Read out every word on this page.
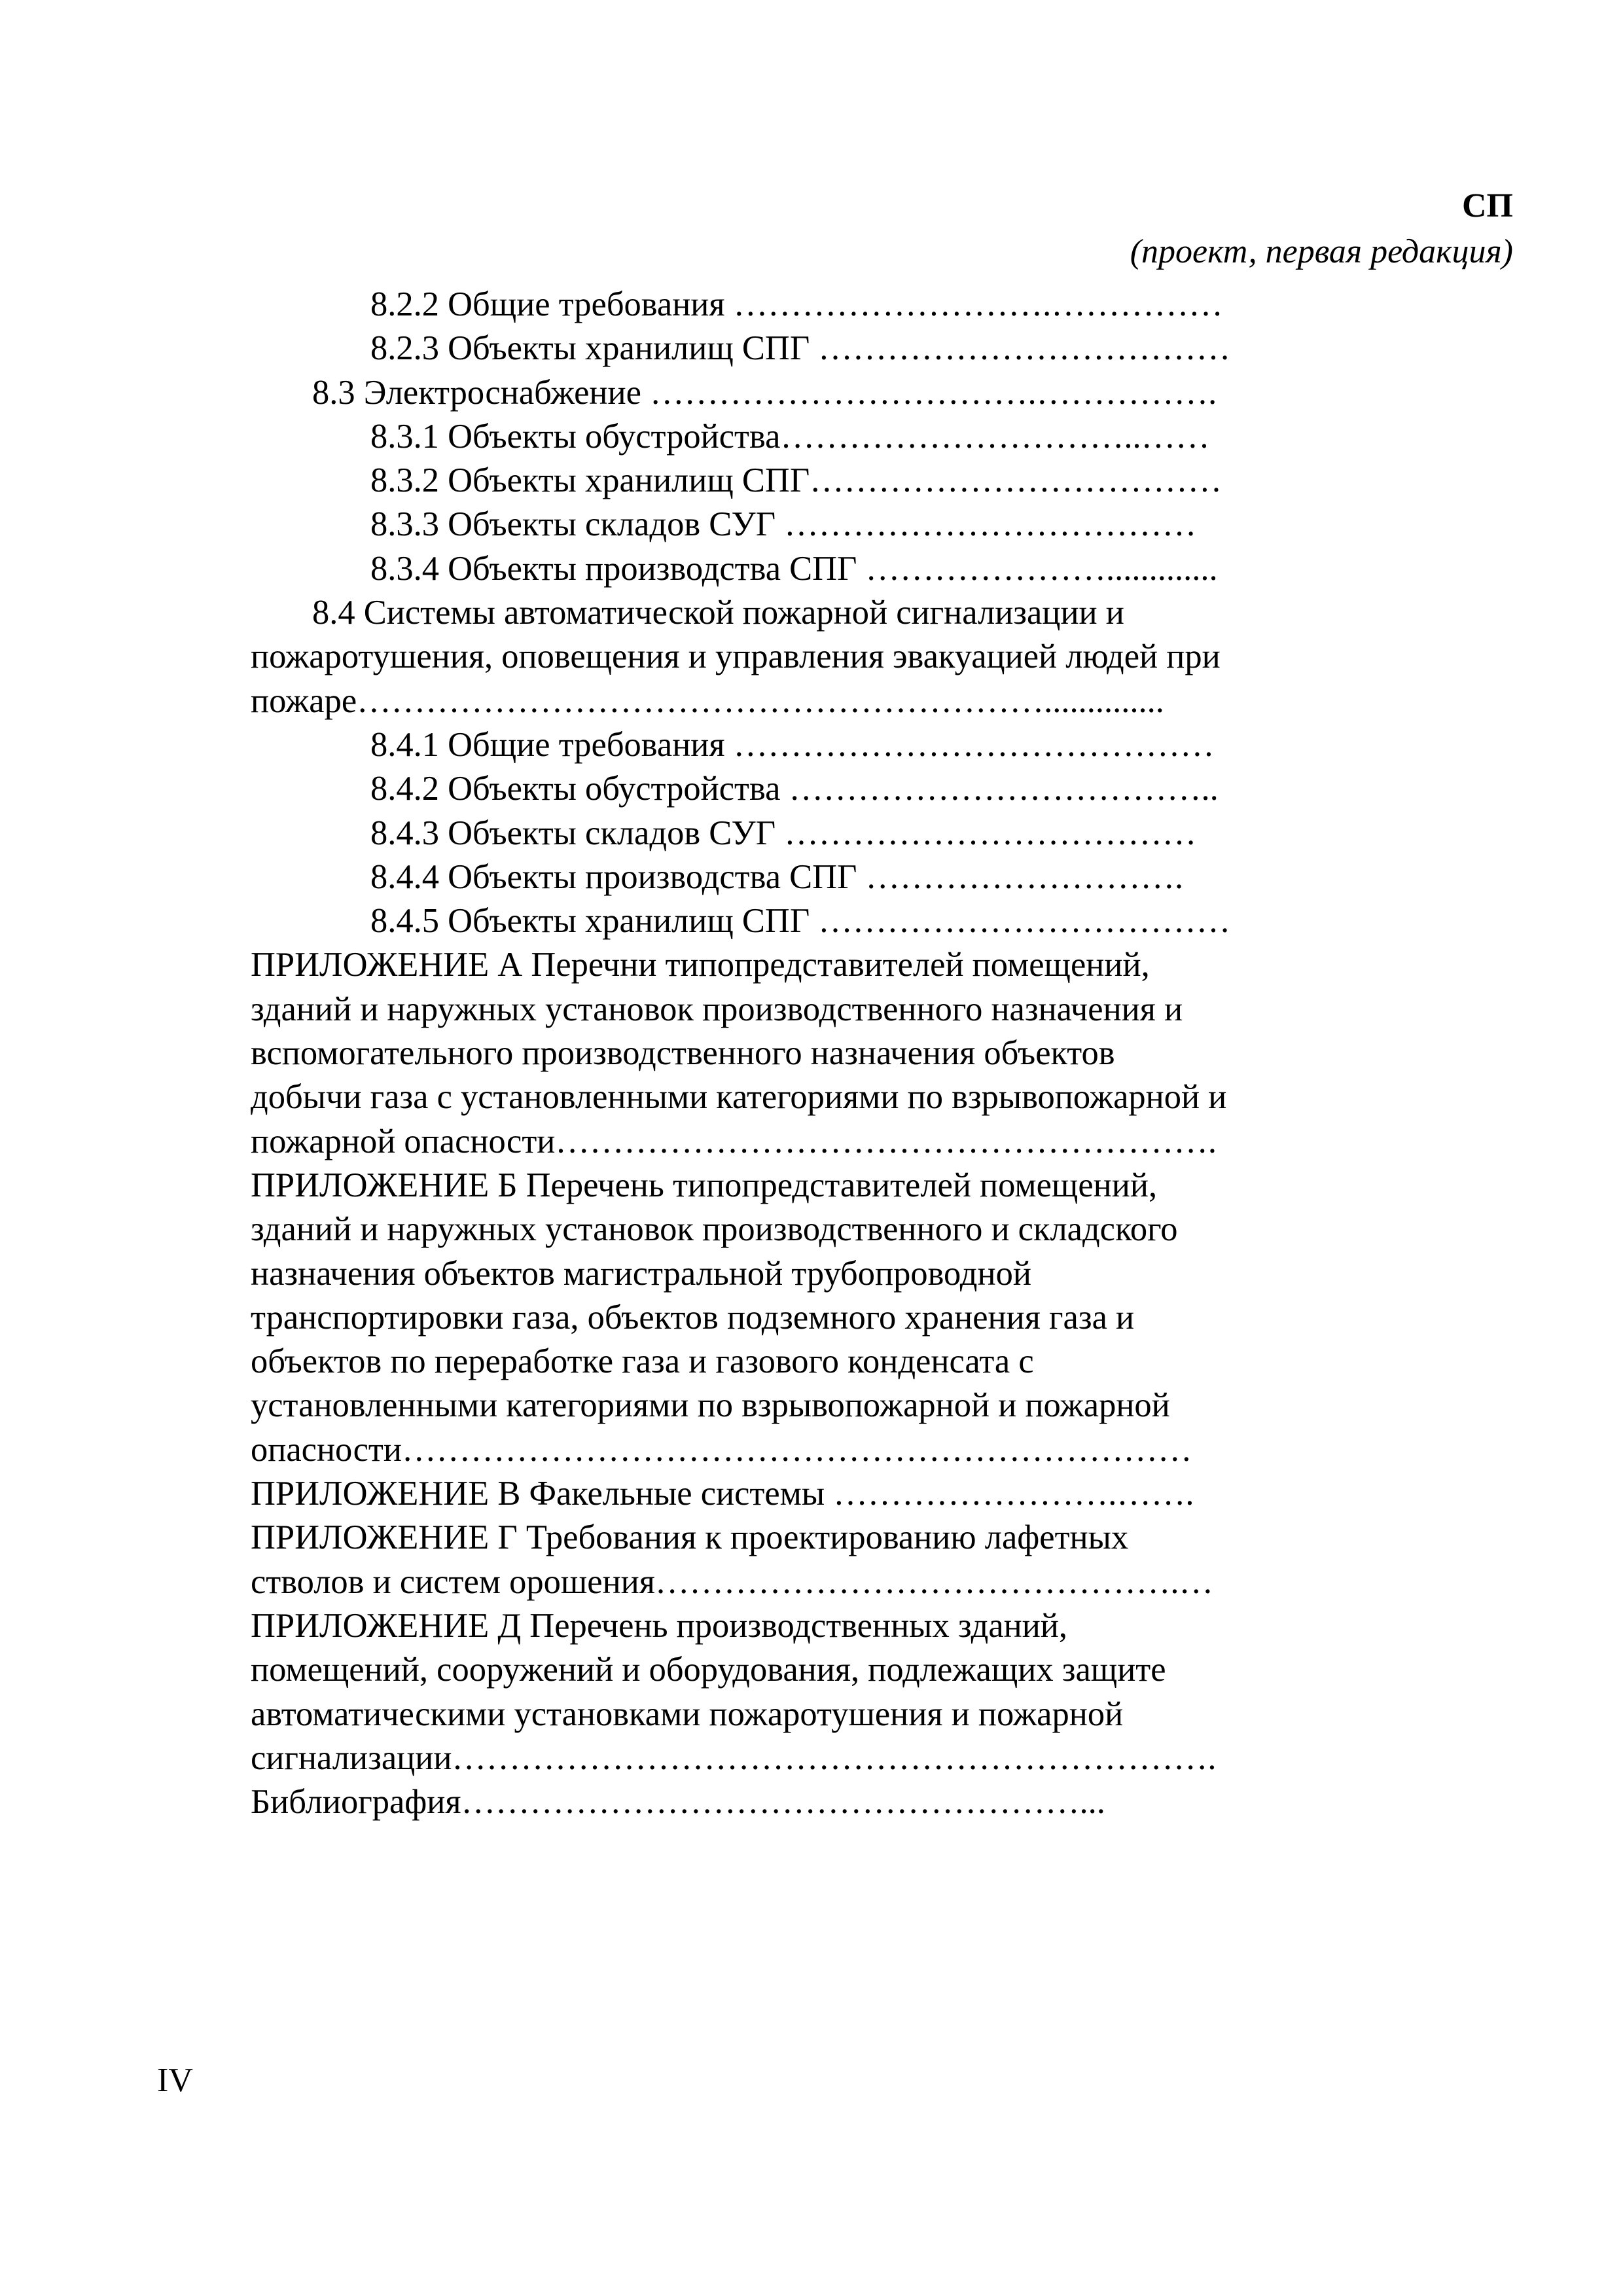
СП
(проект, первая редакция)
8.2.2 Общие требования ……………………….……………
8.2.3 Объекты хранилищ СПГ ………………………………
8.3 Электроснабжение …………………………….…………….
8.3.1 Объекты обустройства…………………………..……
8.3.2 Объекты хранилищ СПГ………………………………
8.3.3 Объекты складов СУГ ………………………………
8.3.4 Объекты производства СПГ ………………….............
8.4 Системы автоматической пожарной сигнализации и
пожаротушения, оповещения и управления эвакуацией людей при
пожаре……………………………………………………..............
8.4.1 Общие требования ……………………………………
8.4.2 Объекты обустройства ………………………………..
8.4.3 Объекты складов СУГ ………………………………
8.4.4 Объекты производства СПГ ……………………….
8.4.5 Объекты хранилищ СПГ ………………………………
ПРИЛОЖЕНИЕ А Перечни типопредставителей помещений,
зданий и наружных установок производственного назначения и
вспомогательного производственного назначения объектов
добычи газа с установленными категориями по взрывопожарной и
пожарной опасности………………………………………………….
ПРИЛОЖЕНИЕ Б Перечень типопредставителей помещений,
зданий и наружных установок производственного и складского
назначения объектов магистральной трубопроводной
транспортировки газа, объектов подземного хранения газа и
объектов по переработке газа и газового конденсата с
установленными категориями по взрывопожарной и пожарной
опасности……………………………………………………………
ПРИЛОЖЕНИЕ В Факельные системы …………………….…….
ПРИЛОЖЕНИЕ Г Требования к проектированию лафетных
стволов и систем орошения……………………………………….…
ПРИЛОЖЕНИЕ Д Перечень производственных зданий,
помещений, сооружений и оборудования, подлежащих защите
автоматическими установками пожаротушения и пожарной
сигнализации………………………………………………………….
Библиография………………………………………………...
IV
